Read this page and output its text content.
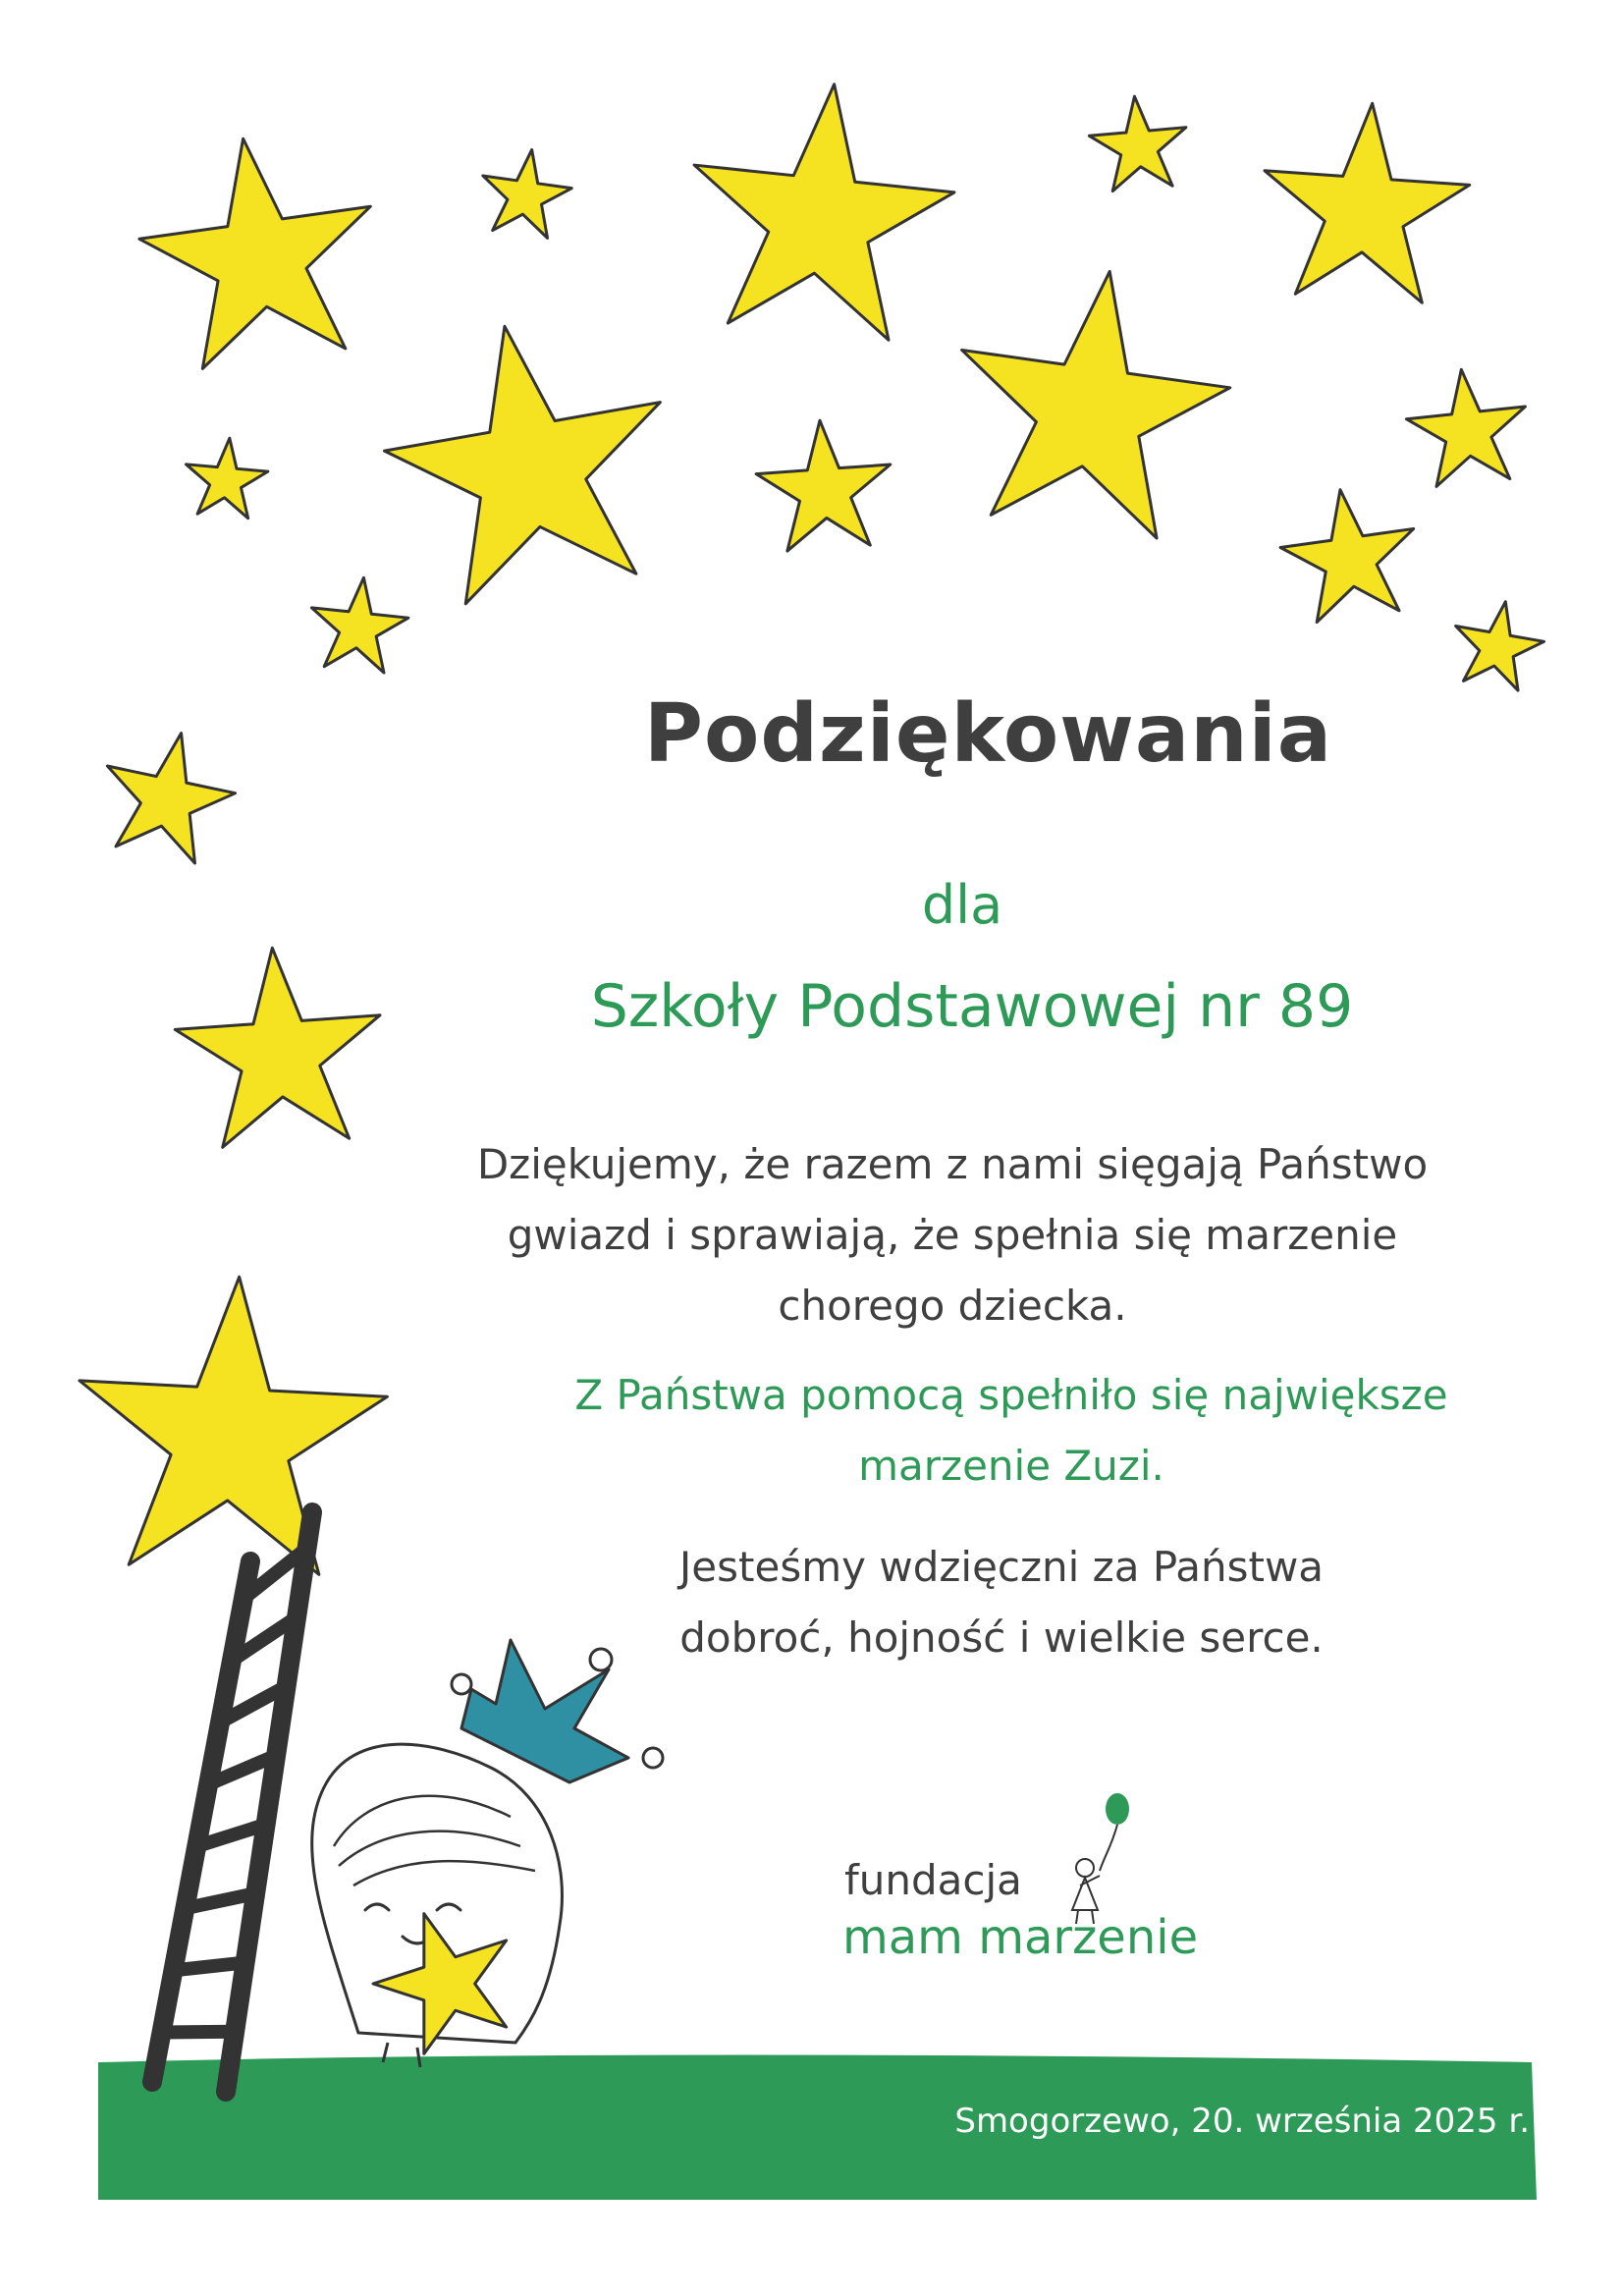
Podziękowania
dla
Szkoły Podstawowej nr 89
Dziękujemy, że razem z nami sięgają Państwo
gwiazd i sprawiają, że spełnia się marzenie
chorego dziecka.
Z Państwa pomocą spełniło się największe
marzenie Zuzi.
Jesteśmy wdzięczni za Państwa
dobroć, hojność i wielkie serce.
fundacja
mam marzenie
Smogorzewo, 20. września 2025 r.
